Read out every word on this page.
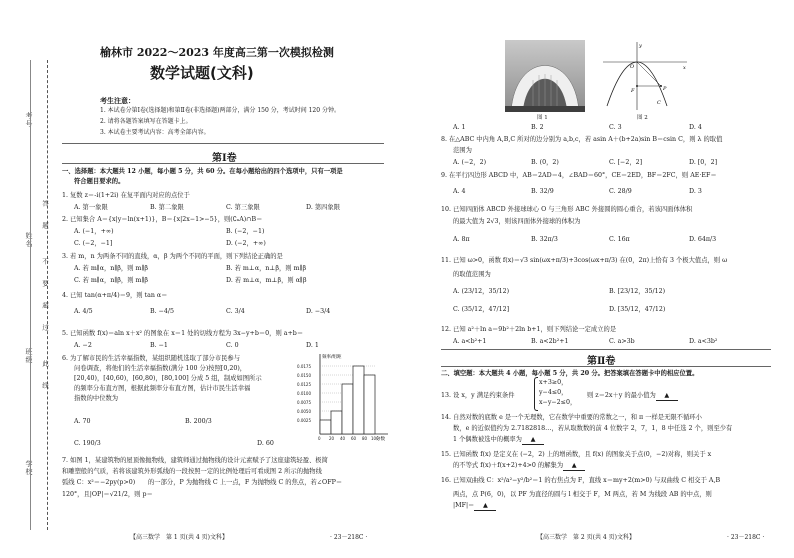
考号
姓名
班级
学校
答
题
不
要
超
过
此
线
榆林市 2022～2023 年度高三第一次模拟检测
数学试题(文科)
考生注意：
1. 本试卷分第Ⅰ卷(选择题)和第Ⅱ卷(非选择题)两部分，满分 150 分，考试时间 120 分钟。
2. 请将各题答案填写在答题卡上。
3. 本试卷主要考试内容：高考全部内容。
第Ⅰ卷
一、选择题：本大题共 12 小题，每小题 5 分，共 60 分。在每小题给出的四个选项中，只有一项是
符合题目要求的。
1. 复数 z＝-i(1+2i) 在复平面内对应的点位于
A. 第一象限	B. 第二象限	C. 第三象限	D. 第四象限
2. 已知集合 A＝{x|y＝ln(x+1)}，B＝{x|2x−1>−5}，则(∁ₐA)∩B＝
A. (−1，+∞)	B. (−2，−1)
C. (−2，−1]	D. (−2，+∞)
3. 若 m，n 为两条不同的直线，α，β 为两个不同的平面，则下列结论正确的是
A. 若 m∥α，n∥β，则 m∥β	B. 若 m⊥α，n⊥β，则 m∥β
C. 若 m∥α，n∥β，则 m∥β	D. 若 m⊥α，m⊥β，则 α∥β
4. 已知 tan(α+π/4)＝9，则 tan α＝
A. 4/5	B. −4/5	C. 3/4	D. −3/4
5. 已知函数 f(x)＝aln x＋x² 的图象在 x＝1 处的切线方程为 3x−y+b＝0，则 a+b＝
A. −2	B. −1	C. 0	D. 1
6. 为了解市民的生活幸福指数，某组织随机选取了部分市民参与
问卷调查，将他们的生活幸福指数(满分 100 分)按照[0,20)，
[20,40)，[40,60)，[60,80)，[80,100] 分成 5 组，制成如图所示
的频率分布直方图，根据此频率分布直方图，估计市民生活幸福
指数的中位数为
A. 70	B. 200/3
C. 190/3	D. 60
频率/组距
分数
0.0175
0.0150
0.0125
0.0100
0.0075
0.0050
0.0025
0 20 40 60 80 100
7. 如图 1，某建筑物的屋顶像抛物线，建筑师通过抛物线的设计元素赋予了这座建筑轻盈、极简
和雕塑般的气质，若将该建筑外形弧线的一段按照一定的比例处理后可看成图 2 所示的抛物线
弧线 C：x²＝−2py(p>0) 的一部分，P 为抛物线 C 上一点，F 为抛物线 C 的焦点，若∠OFP＝
120°，且|OP|＝√21/2，则 p＝
【高三数学　第 1 页(共 4 页)文科】	· 23－218C ·
图 1
y
x
O
F	P
C
图 2
A. 1	B. 2	C. 3	D. 4
8. 在△ABC 中内角 A,B,C 所对的边分别为 a,b,c，若 asin A＋(b+2a)sin B＝csin C，则 λ 的取值
范围为
A. (−2，2)	B. (0，2)	C. [−2，2]	D. [0，2]
9. 在平行四边形 ABCD 中，AB＝2AD＝4，∠BAD＝60°，CE＝2ED，BF＝2FC，则 AE·EF＝
A. 4	B. 32/9	C. 28/9	D. 3
10. 已知四面体 ABCD 外接球球心 O 与三角形 ABC 外接圆的圆心重合，若该四面体体积
的最大值为 2√3，则该四面体外接球的体积为
A. 8π	B. 32π/3	C. 16π	D. 64π/3
11. 已知 ω>0，函数 f(x)＝√3 sin(ωx+π/3)+3cos(ωx+π/3) 在(0，2π)上恰有 3 个极大值点，则 ω
的取值范围为
A. (23/12，35/12)	B. [23/12，35/12)
C. (35/12，47/12]	D. [35/12，47/12)
12. 已知 a²＋ln a＝9b²＋2ln b+1，则下列结论一定成立的是
A. a<b²+1	B. a<2b²+1	C. a>3b	D. a<3b²
第Ⅱ卷
二、填空题：本大题共 4 小题，每小题 5 分，共 20 分。把答案填在答题卡中的相应位置。
13. 设 x，y 满足约束条件
x+3≥0，
y−4≤0，
x−y−2≤0，
则 z＝2x＋y 的最小值为 ▲
14. 自然对数的底数 e 是一个无理数，它在数学中重要的常数之一，和 π 一样是无限不循环小
数，e 的近似值约为 2.7182818…，若从取数数的前 4 位数字 2，7，1，8 中任选 2 个，则至少有
1 个偶数被选中的概率为 ▲
15. 已知函数 f(x) 是定义在 (−2，2) 上的增函数，且 f(x) 的图象关于点(0，−2)对称，则关于 x
的不等式 f(x)＋f(x+2)+4>0 的解集为 ▲
16. 已知双曲线 C：x²/a²−y²/b²＝1 的右焦点为 F，直线 x＝my+2(m>0) 与双曲线 C 相交于 A,B
两点，点 P(6，0)，以 PF 为直径的圆与 l 相交于 F，M 两点，若 M 为线段 AB 的中点，则
|MF|＝ ▲
【高三数学　第 2 页(共 4 页)文科】	· 23－218C ·
